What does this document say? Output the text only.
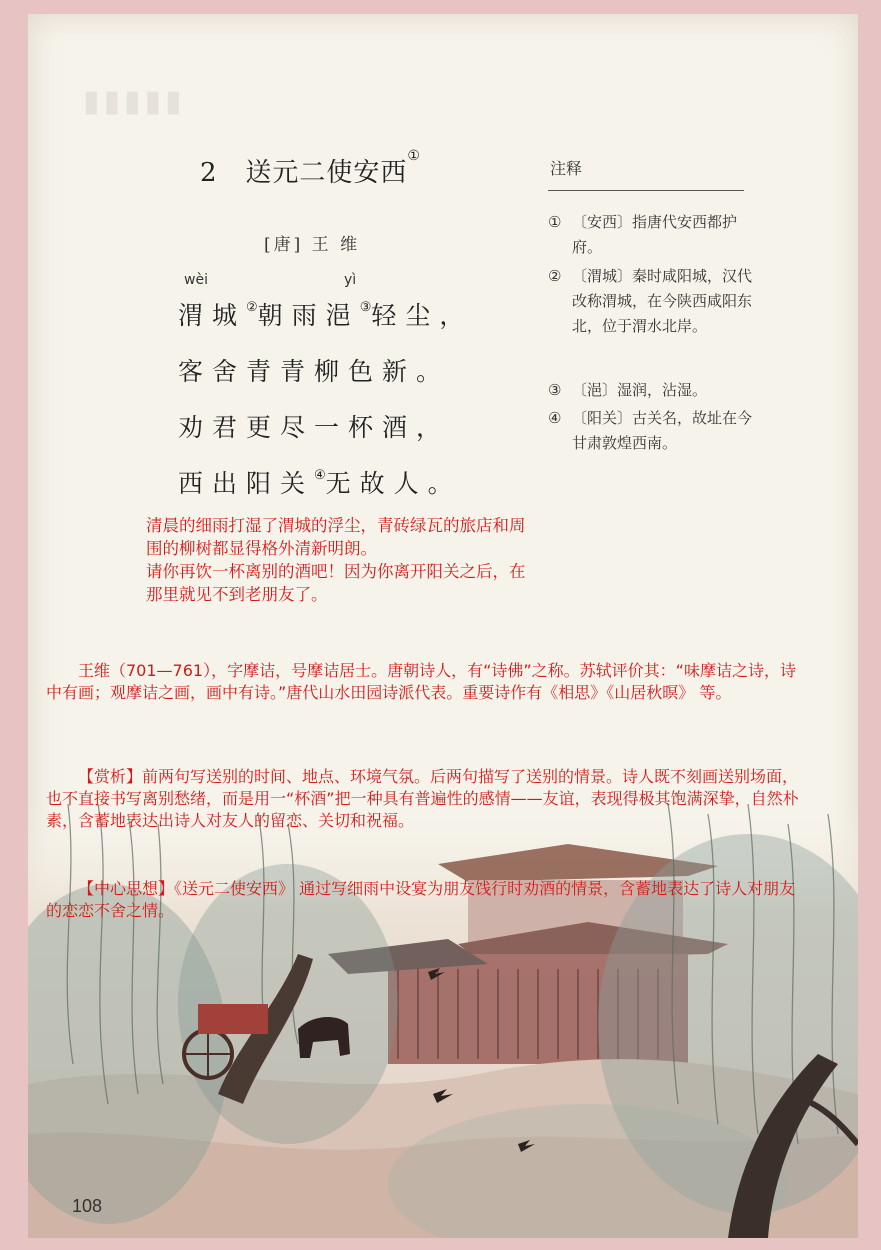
▮▮▮▮▮
2 送元二使安西①
[唐] 王 维
wèi	yì
渭城②朝雨浥③轻尘，
客舍青青柳色新。
劝君更尽一杯酒，
西出阳关④无故人。
注释
① 〔安西〕指唐代安西都护府。
② 〔渭城〕秦时咸阳城，汉代改称渭城，在今陕西咸阳东北，位于渭水北岸。
③ 〔浥〕湿润，沾湿。
④ 〔阳关〕古关名，故址在今甘肃敦煌西南。
清晨的细雨打湿了渭城的浮尘，青砖绿瓦的旅店和周
围的柳树都显得格外清新明朗。
请你再饮一杯离别的酒吧！因为你离开阳关之后，在
那里就见不到老朋友了。
王维（701—761），字摩诘，号摩诘居士。唐朝诗人，有“诗佛”之称。苏轼评价其：“味摩诘之诗，诗中有画；观摩诘之画，画中有诗。”唐代山水田园诗派代表。重要诗作有《相思》《山居秋暝》 等。
【赏析】前两句写送别的时间、地点、环境气氛。后两句描写了送别的情景。诗人既不刻画送别场面，也不直接书写离别愁绪，而是用一“杯酒”把一种具有普遍性的感情——友谊，表现得极其饱满深挚，自然朴素，含蓄地表达出诗人对友人的留恋、关切和祝福。
【中心思想】《送元二使安西》 通过写细雨中设宴为朋友饯行时劝酒的情景，含蓄地表达了诗人对朋友的恋恋不舍之情。
108
